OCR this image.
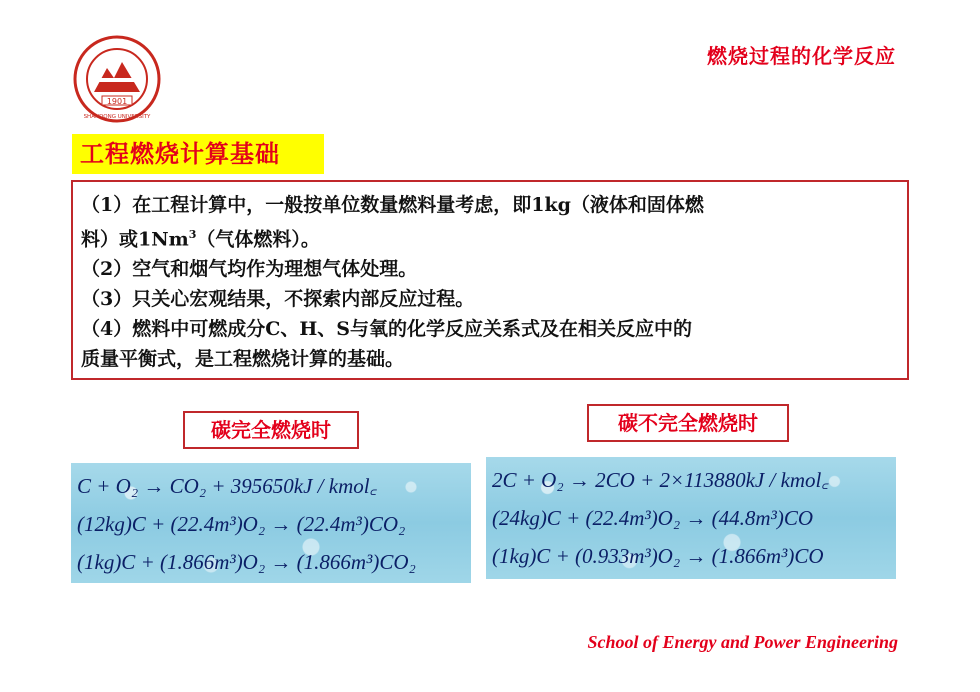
1901
SHANDONG UNIVERSITY
燃烧过程的化学反应
工程燃烧计算基础

（1）在工程计算中，一般按单位数量燃料量考虑，即1kg（液体和固体燃

料）或1Nm$^3$（气体燃料）。

（2）空气和烟气均作为理想气体处理。

（3）只关心宏观结果，不探索内部反应过程。

（4）燃料中可燃成分C、H、S与氧的化学反应关系式及在相关反应中的

质量平衡式，是工程燃烧计算的基础。

碳完全燃烧时	碳不完全燃烧时

C + O₂ → CO₂ + 395650kJ / kmol꜀

(12kg)C + (22.4m³)O₂ → (22.4m³)CO₂

(1kg)C + (1.866m³)O₂ → (1.866m³)CO₂

2C + O₂ → 2CO + 2×113880kJ / kmol꜀

(24kg)C + (22.4m³)O₂ → (44.8m³)CO

(1kg)C + (0.933m³)O₂ → (1.866m³)CO

School of Energy and Power Engineering
